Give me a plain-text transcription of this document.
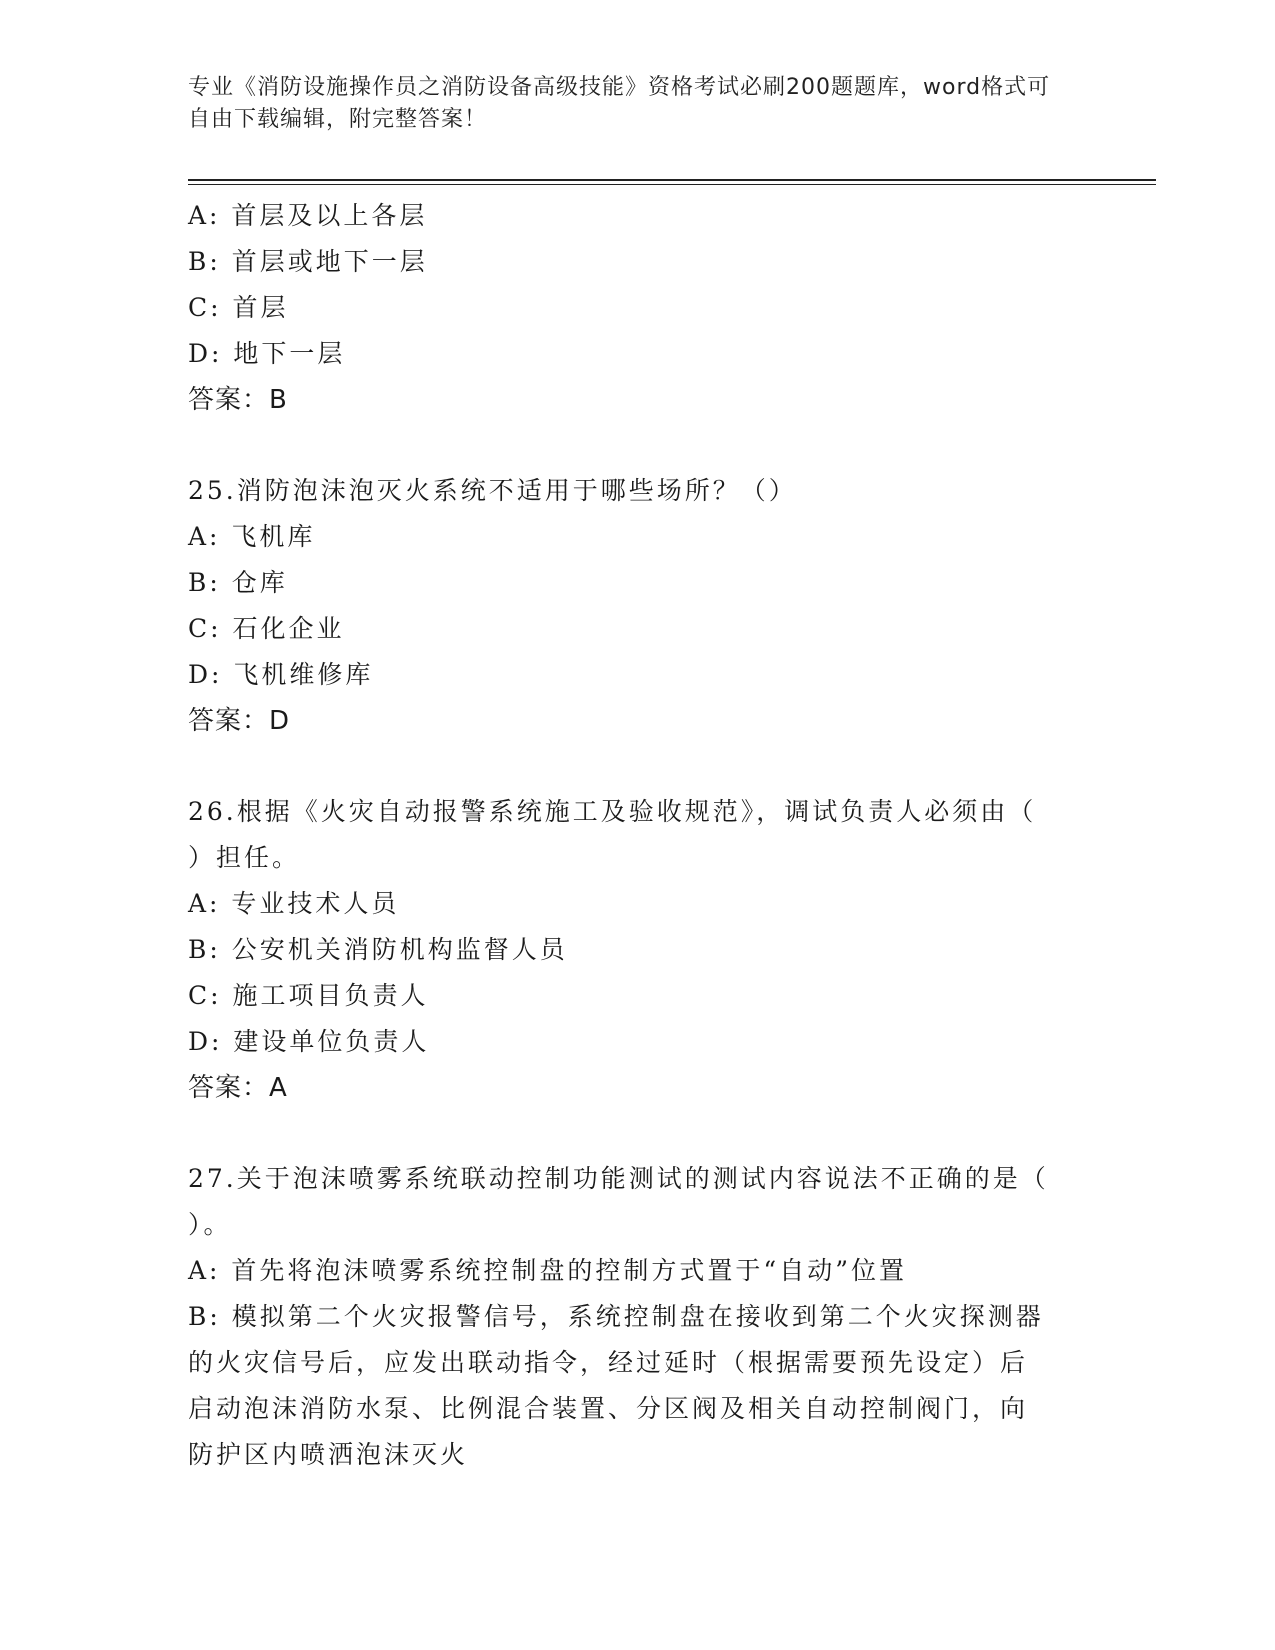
专业《消防设施操作员之消防设备高级技能》资格考试必刷200题题库，word格式可自由下载编辑，附完整答案！
A: 首层及以上各层
B: 首层或地下一层
C: 首层
D: 地下一层
答案：B
25.消防泡沫泡灭火系统不适用于哪些场所？（）
A: 飞机库
B: 仓库
C: 石化企业
D: 飞机维修库
答案：D
26.根据《火灾自动报警系统施工及验收规范》，调试负责人必须由（
）担任。
A: 专业技术人员
B: 公安机关消防机构监督人员
C: 施工项目负责人
D: 建设单位负责人
答案：A
27.关于泡沫喷雾系统联动控制功能测试的测试内容说法不正确的是（
）。
A: 首先将泡沫喷雾系统控制盘的控制方式置于“自动”位置
B: 模拟第二个火灾报警信号，系统控制盘在接收到第二个火灾探测器
的火灾信号后，应发出联动指令，经过延时（根据需要预先设定）后
启动泡沫消防水泵、比例混合装置、分区阀及相关自动控制阀门，向
防护区内喷洒泡沫灭火
